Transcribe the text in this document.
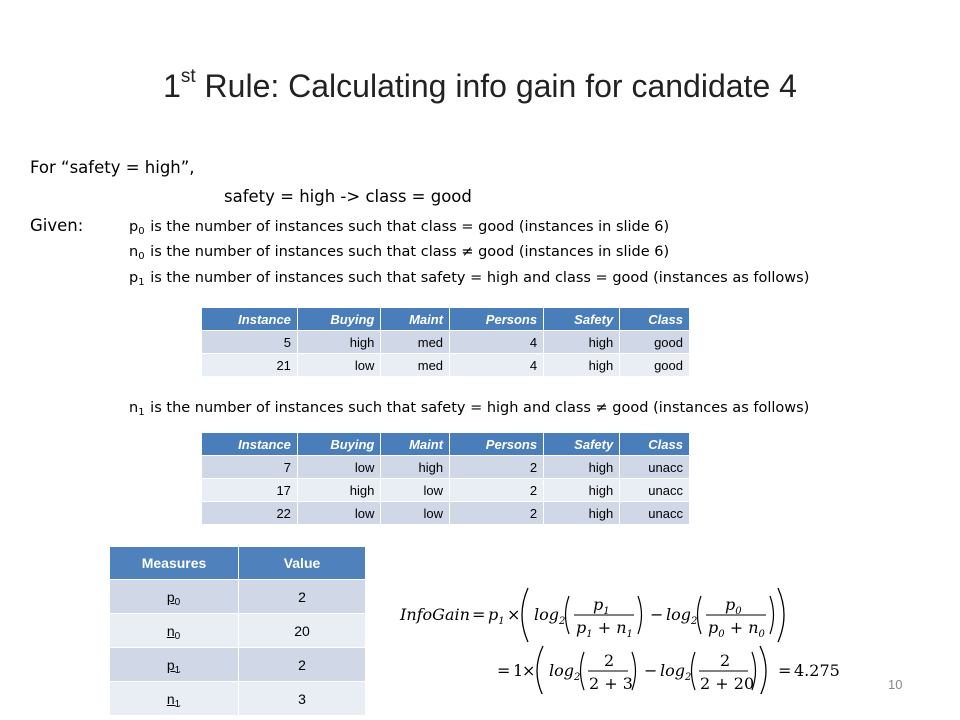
1st Rule: Calculating info gain for candidate 4
For “safety = high”,
safety = high -> class = good
Given:	$p_0$ is the number of instances such that class = good (instances in slide 6)
$n_0$ is the number of instances such that class ≠ good (instances in slide 6)
$p_1$ is the number of instances such that safety = high and class = good (instances as follows)
Instance	Buying	Maint	Persons	Safety	Class
5	high	med	4	high	good
21	low	med	4	high	good
$n_1$ is the number of instances such that safety = high and class ≠ good (instances as follows)
Instance	Buying	Maint	Persons	Safety	Class
7	low	high	2	high	unacc
17	high	low	2	high	unacc
22	low	low	2	high	unacc
Measures	Value
$p_0$	2
$n_0$	20
$p_1$	2
$n_1$	3
InfoGain = $p_1 \times \log_2$
$p_1$
$p_1 + n_1$
− $\log_2$
$p_0$
$p_0 + n_0$
= 1
× $\log_2$
2
2 + 3
− $\log_2$
2
2 + 20
= 4.275
10
